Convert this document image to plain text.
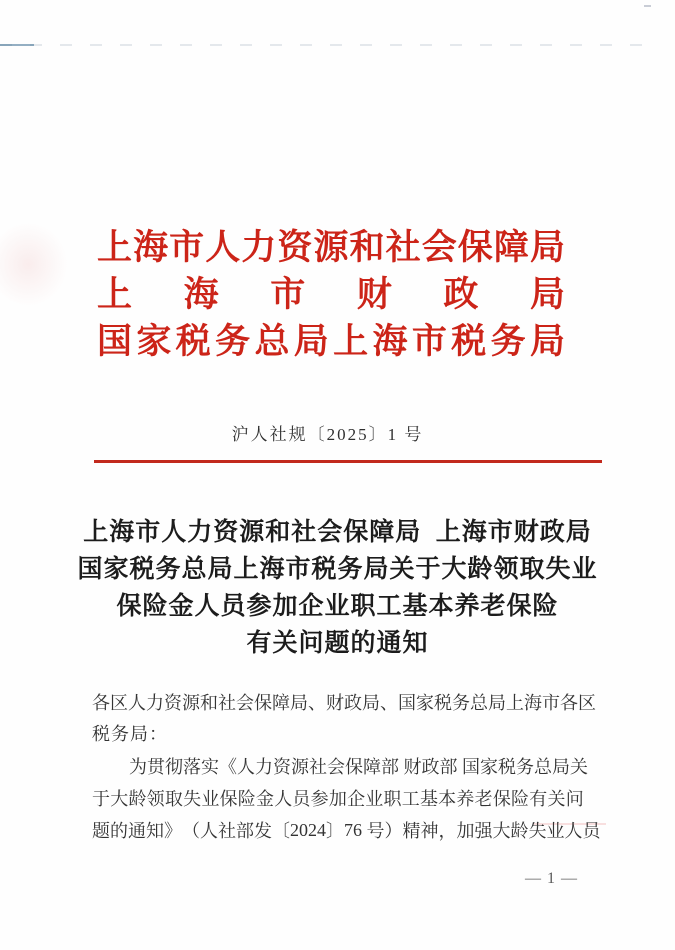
上 海 市 人 力 资 源 和 社 会 保 障 局
上 海 市 财 政 局
国 家 税 务 总 局 上 海 市 税 务 局
沪人社规〔2025〕1 号
上海市人力资源和社会保障局  上海市财政局
国家税务总局上海市税务局关于大龄领取失业
保险金人员参加企业职工基本养老保险
有关问题的通知
各 区 人 力 资 源 和 社 会 保 障 局 、 财 政 局 、 国 家 税 务 总 局 上 海 市 各 区
税务局：
为 贯 彻 落 实 《 人 力 资 源 社 会 保 障 部
财 政 部
国 家 税 务 总 局 关
于 大 龄 领 取 失 业 保 险 金 人 员 参 加 企 业 职 工 基 本 养 老 保 险 有 关 问
题 的 通 知 》 （ 人 社 部 发 〔 2 0 2 4 〕 7 6
号 ） 精 神 ， 加 强 大 龄 失 业 人 员
— 1 —
